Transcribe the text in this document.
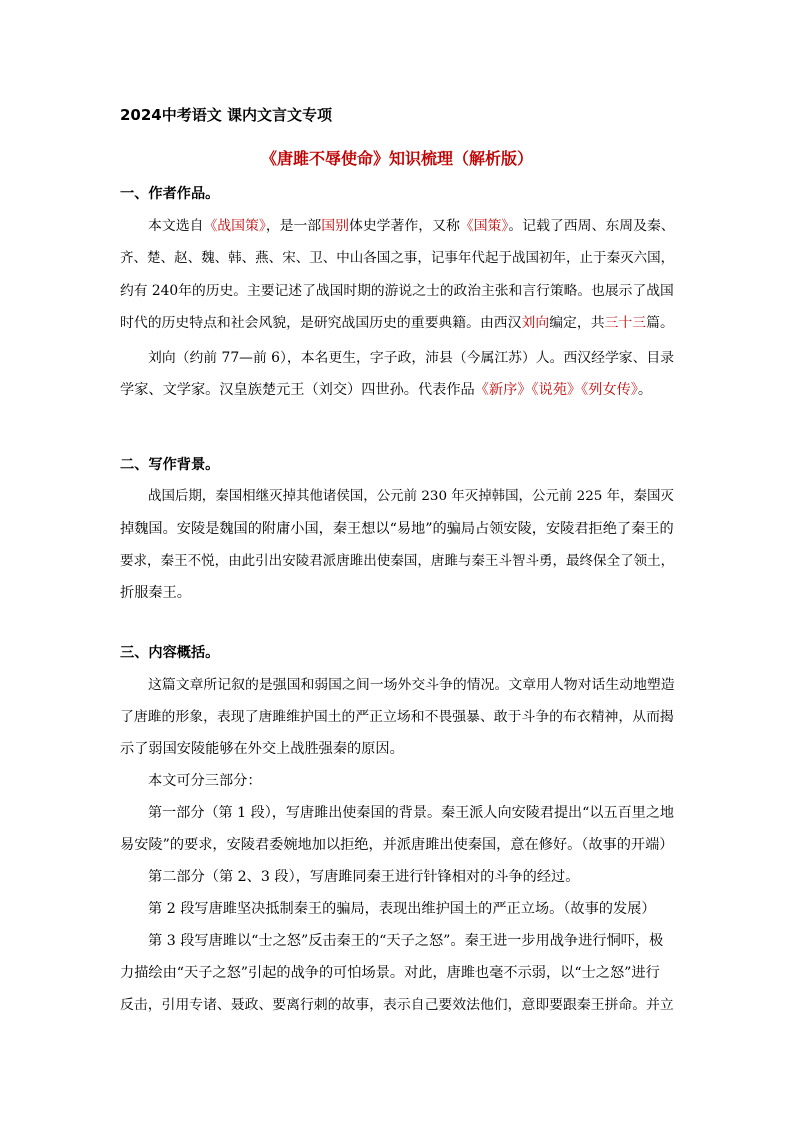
2024中考语文 课内文言文专项
《唐雎不辱使命》知识梳理（解析版）
一、作者作品。
本文选自《战国策》，是一部国别体史学著作，又称《国策》。记载了西周、东周及秦、
齐、楚、赵、魏、韩、燕、宋、卫、中山各国之事，记事年代起于战国初年，止于秦灭六国，
约有 240年的历史。主要记述了战国时期的游说之士的政治主张和言行策略。也展示了战国
时代的历史特点和社会风貌，是研究战国历史的重要典籍。由西汉刘向编定，共三十三篇。
刘向（约前 77—前 6），本名更生，字子政，沛县（今属江苏）人。西汉经学家、目录
学家、文学家。汉皇族楚元王（刘交）四世孙。代表作品《新序》《说苑》《列女传》。
二、写作背景。
战国后期，秦国相继灭掉其他诸侯国，公元前 230 年灭掉韩国，公元前 225 年，秦国灭
掉魏国。安陵是魏国的附庸小国，秦王想以“易地”的骗局占领安陵，安陵君拒绝了秦王的
要求，秦王不悦，由此引出安陵君派唐雎出使秦国，唐雎与秦王斗智斗勇，最终保全了领土，
折服秦王。
三、内容概括。
这篇文章所记叙的是强国和弱国之间一场外交斗争的情况。文章用人物对话生动地塑造
了唐雎的形象，表现了唐雎维护国土的严正立场和不畏强暴、敢于斗争的布衣精神，从而揭
示了弱国安陵能够在外交上战胜强秦的原因。
本文可分三部分：
第一部分（第 1 段），写唐雎出使秦国的背景。秦王派人向安陵君提出“以五百里之地
易安陵”的要求，安陵君委婉地加以拒绝，并派唐雎出使秦国，意在修好。（故事的开端）
第二部分（第 2、3 段），写唐雎同秦王进行针锋相对的斗争的经过。
第 2 段写唐雎坚决抵制秦王的骗局，表现出维护国土的严正立场。（故事的发展）
第 3 段写唐雎以“士之怒”反击秦王的“天子之怒”。秦王进一步用战争进行恫吓，极
力描绘由“天子之怒”引起的战争的可怕场景。对此，唐雎也毫不示弱，以“士之怒”进行
反击，引用专诸、聂政、要离行刺的故事，表示自己要效法他们，意即要跟秦王拼命。并立
